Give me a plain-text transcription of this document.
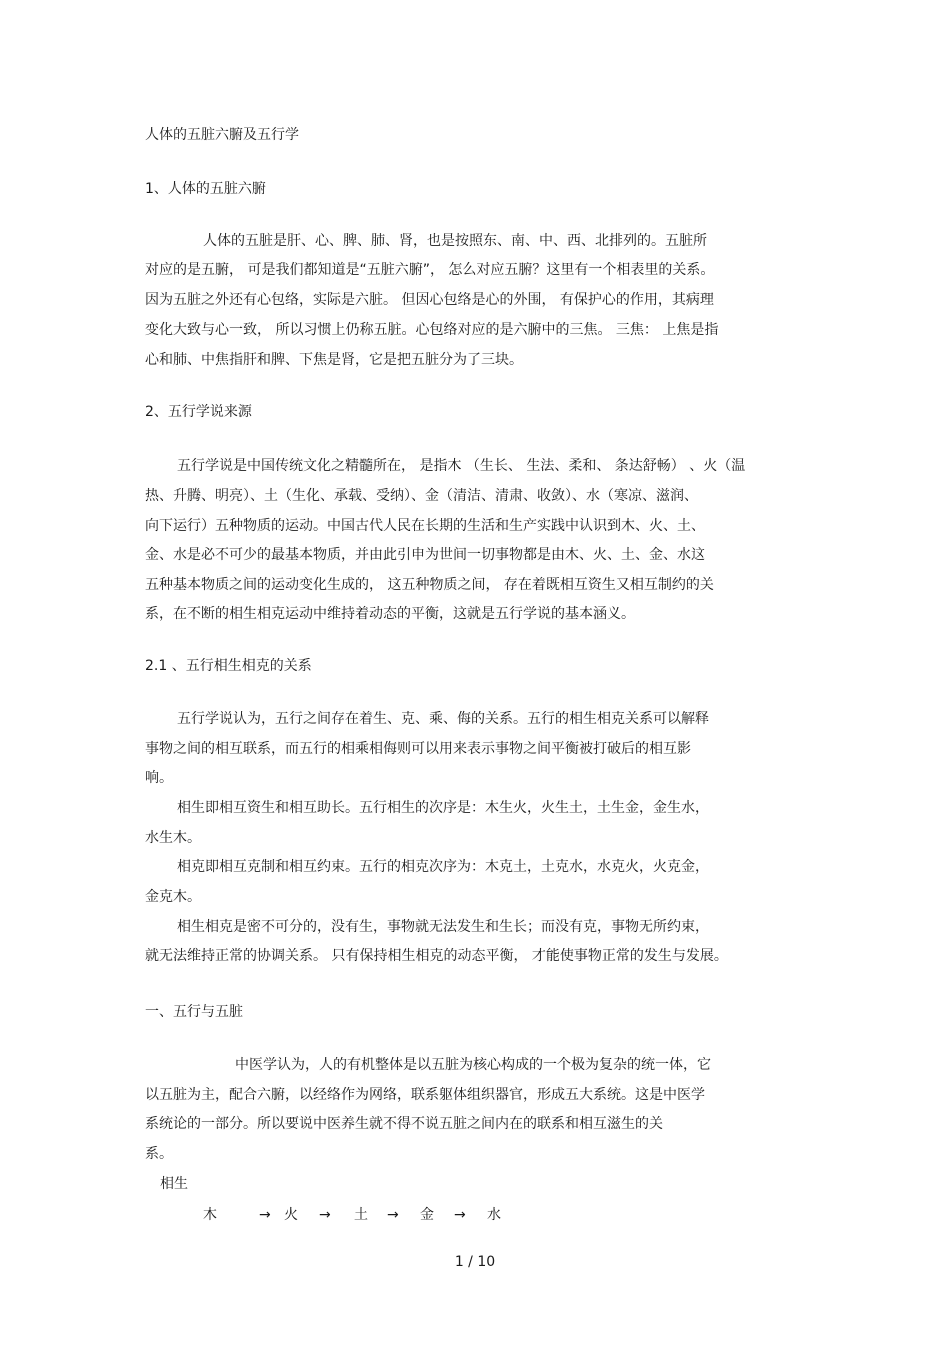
人体的五脏六腑及五行学
1、人体的五脏六腑
人体的五脏是肝、心、脾、肺、肾，也是按照东、南、中、西、北排列的。五脏所
对应的是五腑， 可是我们都知道是“五脏六腑”， 怎么对应五腑？这里有一个相表里的关系。
因为五脏之外还有心包络，实际是六脏。 但因心包络是心的外围， 有保护心的作用，其病理
变化大致与心一致， 所以习惯上仍称五脏。心包络对应的是六腑中的三焦。 三焦： 上焦是指
心和肺、中焦指肝和脾、下焦是肾，它是把五脏分为了三块。
2、五行学说来源
五行学说是中国传统文化之精髓所在， 是指木 （生长、 生法、柔和、 条达舒畅） 、火（温
热、升腾、明亮）、土（生化、承载、受纳）、金（清洁、清肃、收敛）、水（寒凉、滋润、
向下运行）五种物质的运动。中国古代人民在长期的生活和生产实践中认识到木、火、土、
金、水是必不可少的最基本物质，并由此引申为世间一切事物都是由木、火、土、金、水这
五种基本物质之间的运动变化生成的， 这五种物质之间， 存在着既相互资生又相互制约的关
系，在不断的相生相克运动中维持着动态的平衡，这就是五行学说的基本涵义。
2.1 、五行相生相克的关系
五行学说认为，五行之间存在着生、克、乘、侮的关系。五行的相生相克关系可以解释
事物之间的相互联系，而五行的相乘相侮则可以用来表示事物之间平衡被打破后的相互影
响。
相生即相互资生和相互助长。五行相生的次序是：木生火，火生土，土生金，金生水，
水生木。
相克即相互克制和相互约束。五行的相克次序为：木克土，土克水，水克火，火克金，
金克木。
相生相克是密不可分的，没有生，事物就无法发生和生长；而没有克，事物无所约束，
就无法维持正常的协调关系。 只有保持相生相克的动态平衡， 才能使事物正常的发生与发展。
一、五行与五脏
中医学认为，人的有机整体是以五脏为核心构成的一个极为复杂的统一体，它
以五脏为主，配合六腑，以经络作为网络，联系躯体组织器官，形成五大系统。这是中医学
系统论的一部分。所以要说中医养生就不得不说五脏之间内在的联系和相互滋生的关
系。
相生
木	→ 火 → 土 → 金 → 水
1 / 10
